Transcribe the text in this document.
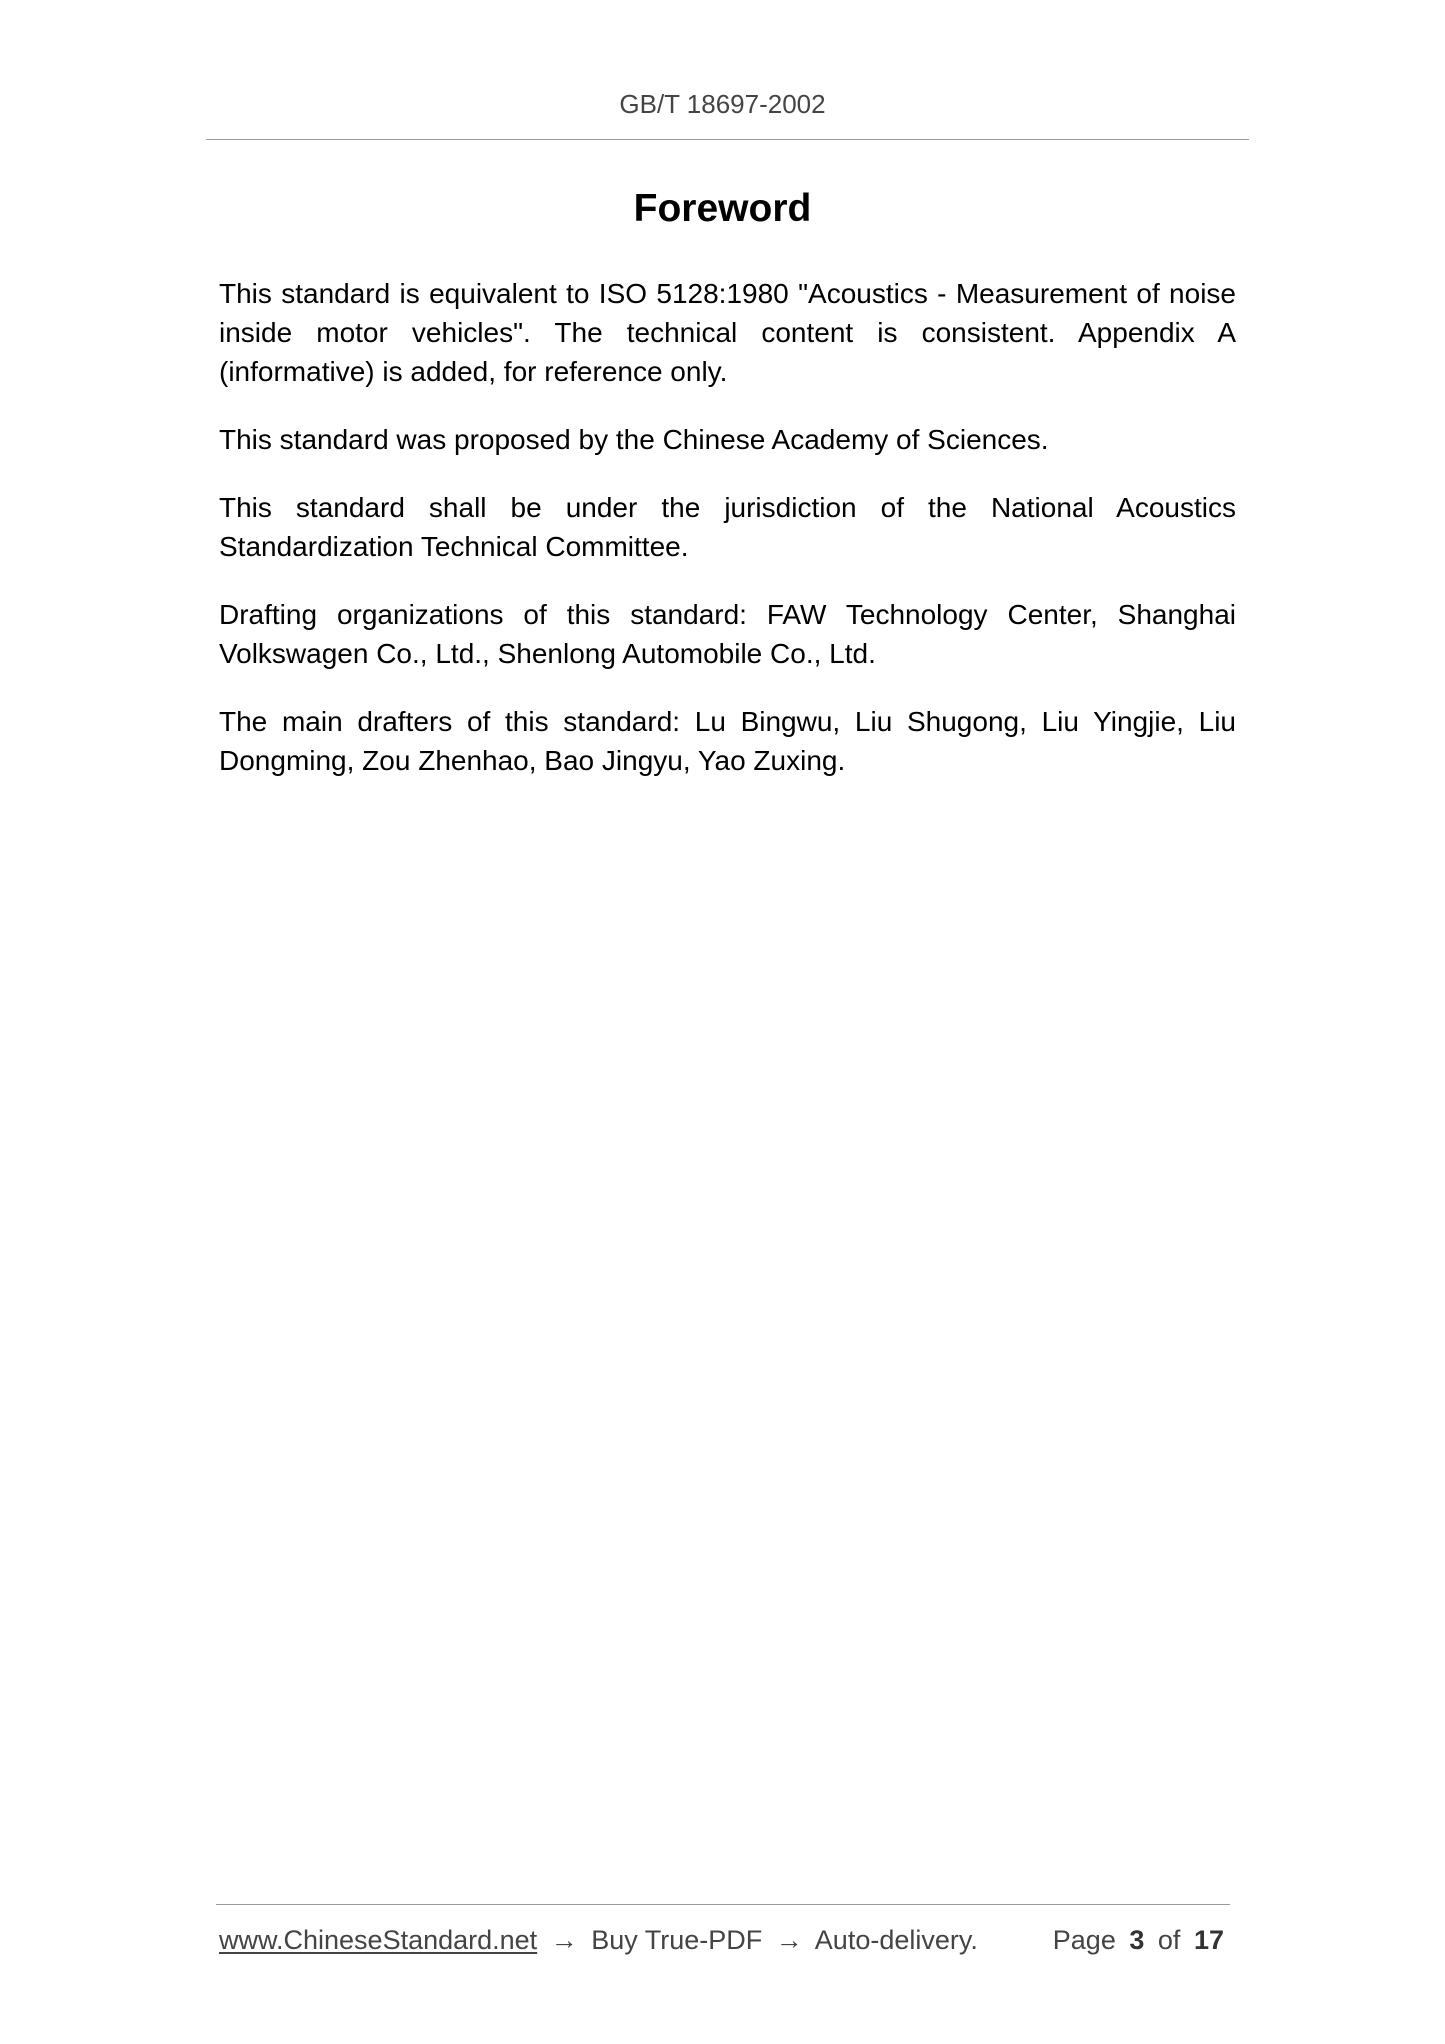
GB/T 18697-2002
Foreword

This standard is equivalent to ISO 5128:1980 "Acoustics - Measurement of noise inside motor vehicles". The technical content is consistent. Appendix A (informative) is added, for reference only.

This standard was proposed by the Chinese Academy of Sciences.

This standard shall be under the jurisdiction of the National Acoustics Standardization Technical Committee.

Drafting organizations of this standard: FAW Technology Center, Shanghai Volkswagen Co., Ltd., Shenlong Automobile Co., Ltd.

The main drafters of this standard: Lu Bingwu, Liu Shugong, Liu Yingjie, Liu Dongming, Zou Zhenhao, Bao Jingyu, Yao Zuxing.

www.ChineseStandard.net → Buy True-PDF → Auto-delivery.	Page 3 of 17
